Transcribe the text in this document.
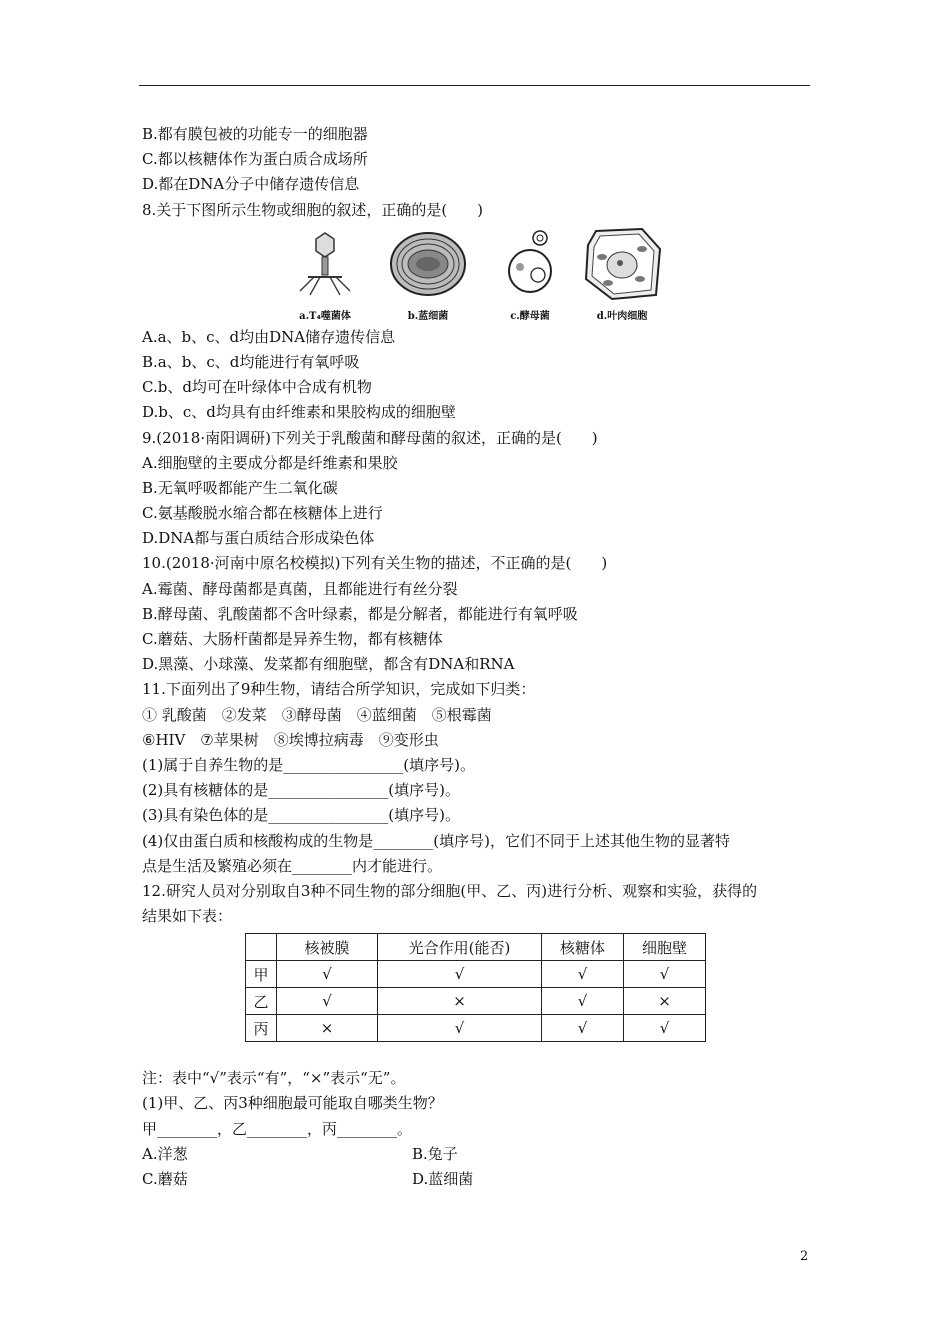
B.都有膜包被的功能专一的细胞器
C.都以核糖体作为蛋白质合成场所
D.都在DNA分子中储存遗传信息
8.关于下图所示生物或细胞的叙述，正确的是(　　)
a.T₄噬菌体	b.蓝细菌	c.酵母菌	d.叶肉细胞
A.a、b、c、d均由DNA储存遗传信息
B.a、b、c、d均能进行有氧呼吸
C.b、d均可在叶绿体中合成有机物
D.b、c、d均具有由纤维素和果胶构成的细胞壁
9.(2018·南阳调研)下列关于乳酸菌和酵母菌的叙述，正确的是(　　)
A.细胞壁的主要成分都是纤维素和果胶
B.无氧呼吸都能产生二氧化碳
C.氨基酸脱水缩合都在核糖体上进行
D.DNA都与蛋白质结合形成染色体
10.(2018·河南中原名校模拟)下列有关生物的描述，不正确的是(　　)
A.霉菌、酵母菌都是真菌，且都能进行有丝分裂
B.酵母菌、乳酸菌都不含叶绿素，都是分解者，都能进行有氧呼吸
C.蘑菇、大肠杆菌都是异养生物，都有核糖体
D.黑藻、小球藻、发菜都有细胞壁，都含有DNA和RNA
11.下面列出了9种生物，请结合所学知识，完成如下归类：
① 乳酸菌　②发菜　③酵母菌　④蓝细菌　⑤根霉菌
⑥HIV　⑦苹果树　⑧埃博拉病毒　⑨变形虫
(1)属于自养生物的是________________(填序号)。
(2)具有核糖体的是________________(填序号)。
(3)具有染色体的是________________(填序号)。
(4)仅由蛋白质和核酸构成的生物是________(填序号)，它们不同于上述其他生物的显著特
点是生活及繁殖必须在________内才能进行。
12.研究人员对分别取自3种不同生物的部分细胞(甲、乙、丙)进行分析、观察和实验，获得的
结果如下表：
	核被膜	光合作用(能否)	核糖体	细胞壁
甲	√	√	√	√
乙	√	×	√	×
丙	×	√	√	√
注：表中“√”表示“有”，“×”表示“无”。
(1)甲、乙、丙3种细胞最可能取自哪类生物？
甲________，乙________，丙________。
A.洋葱	B.兔子
C.蘑菇	D.蓝细菌
2
